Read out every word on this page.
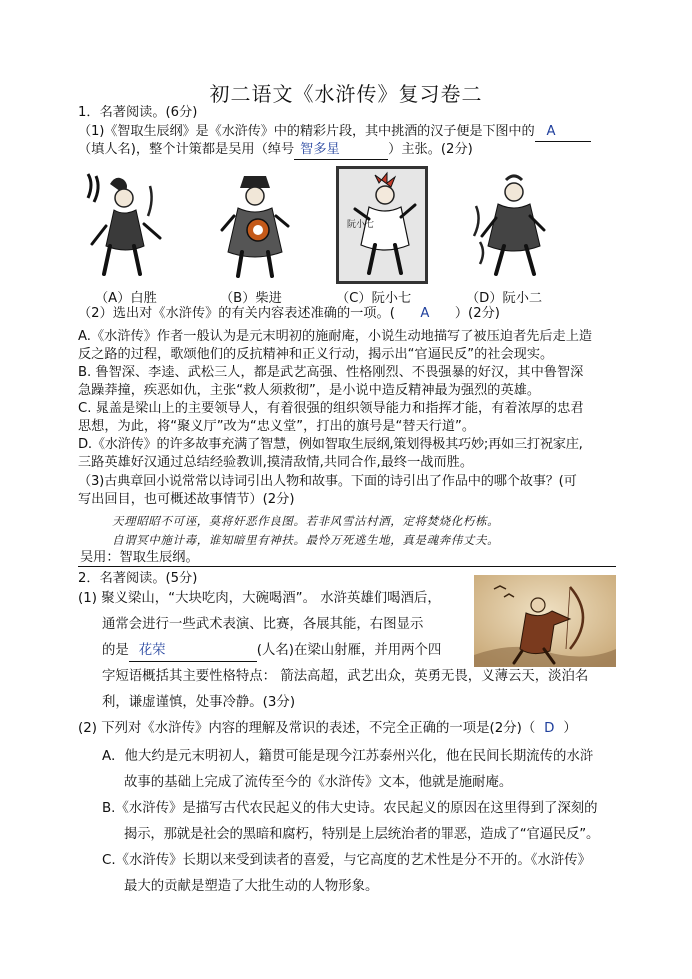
初二语文《水浒传》复习卷二
1．名著阅读。(6分)
（1)《智取生辰纲》是《水浒传》中的精彩片段，其中挑酒的汉子便是下图中的 A
（填人名)，整个计策都是吴用（绰号 智多星	）主张。(2分)
阮小七
（A）白胜	（B）柴进	（C）阮小七	（D）阮小二
（2）选出对《水浒传》的有关内容表述准确的一项。( A ）(2分)
A.《水浒传》作者一般认为是元末明初的施耐庵，小说生动地描写了被压迫者先后走上造
反之路的过程，歌颂他们的反抗精神和正义行动，揭示出“官逼民反”的社会现实。
B. 鲁智深、李逵、武松三人，都是武艺高强、性格刚烈、不畏强暴的好汉，其中鲁智深
急躁莽撞，疾恶如仇，主张“救人须救彻”，是小说中造反精神最为强烈的英雄。
C. 晁盖是梁山上的主要领导人，有着很强的组织领导能力和指挥才能，有着浓厚的忠君
思想，为此，将“聚义厅”改为“忠义堂”，打出的旗号是“替天行道”。
D.《水浒传》的许多故事充满了智慧，例如智取生辰纲,策划得极其巧妙;再如三打祝家庄,
三路英雄好汉通过总结经验教训,摸清敌情,共同合作,最终一战而胜。
（3)古典章回小说常常以诗词引出人物和故事。下面的诗引出了作品中的哪个故事？(可
写出回目，也可概述故事情节）(2分)
天理昭昭不可诬，莫将奸恶作良图。若非风雪沽村酒，定将焚烧化朽栋。
自谓冥中施计毒，谁知暗里有神扶。最怜万死逃生地，真是魂奔伟丈夫。
吴用：智取生辰纲。
2．名著阅读。(5分)
(1) 聚义梁山，“大块吃肉，大碗喝酒”。 水浒英雄们喝酒后，
通常会进行一些武术表演、比赛，各展其能，右图显示
的是 花荣	(人名)在梁山射雁，并用两个四
字短语概括其主要性格特点： 箭法高超，武艺出众，英勇无畏，义薄云天，淡泊名
利，谦虚谨慎，处事冷静。(3分)
(2) 下列对《水浒传》内容的理解及常识的表述，不完全正确的一项是(2分)（ D ）
A．他大约是元末明初人，籍贯可能是现今江苏泰州兴化，他在民间长期流传的水浒
故事的基础上完成了流传至今的《水浒传》文本，他就是施耐庵。
B.《水浒传》是描写古代农民起义的伟大史诗。农民起义的原因在这里得到了深刻的
揭示，那就是社会的黑暗和腐朽，特别是上层统治者的罪恶，造成了“官逼民反”。
C.《水浒传》长期以来受到读者的喜爱，与它高度的艺术性是分不开的。《水浒传》
最大的贡献是塑造了大批生动的人物形象。
